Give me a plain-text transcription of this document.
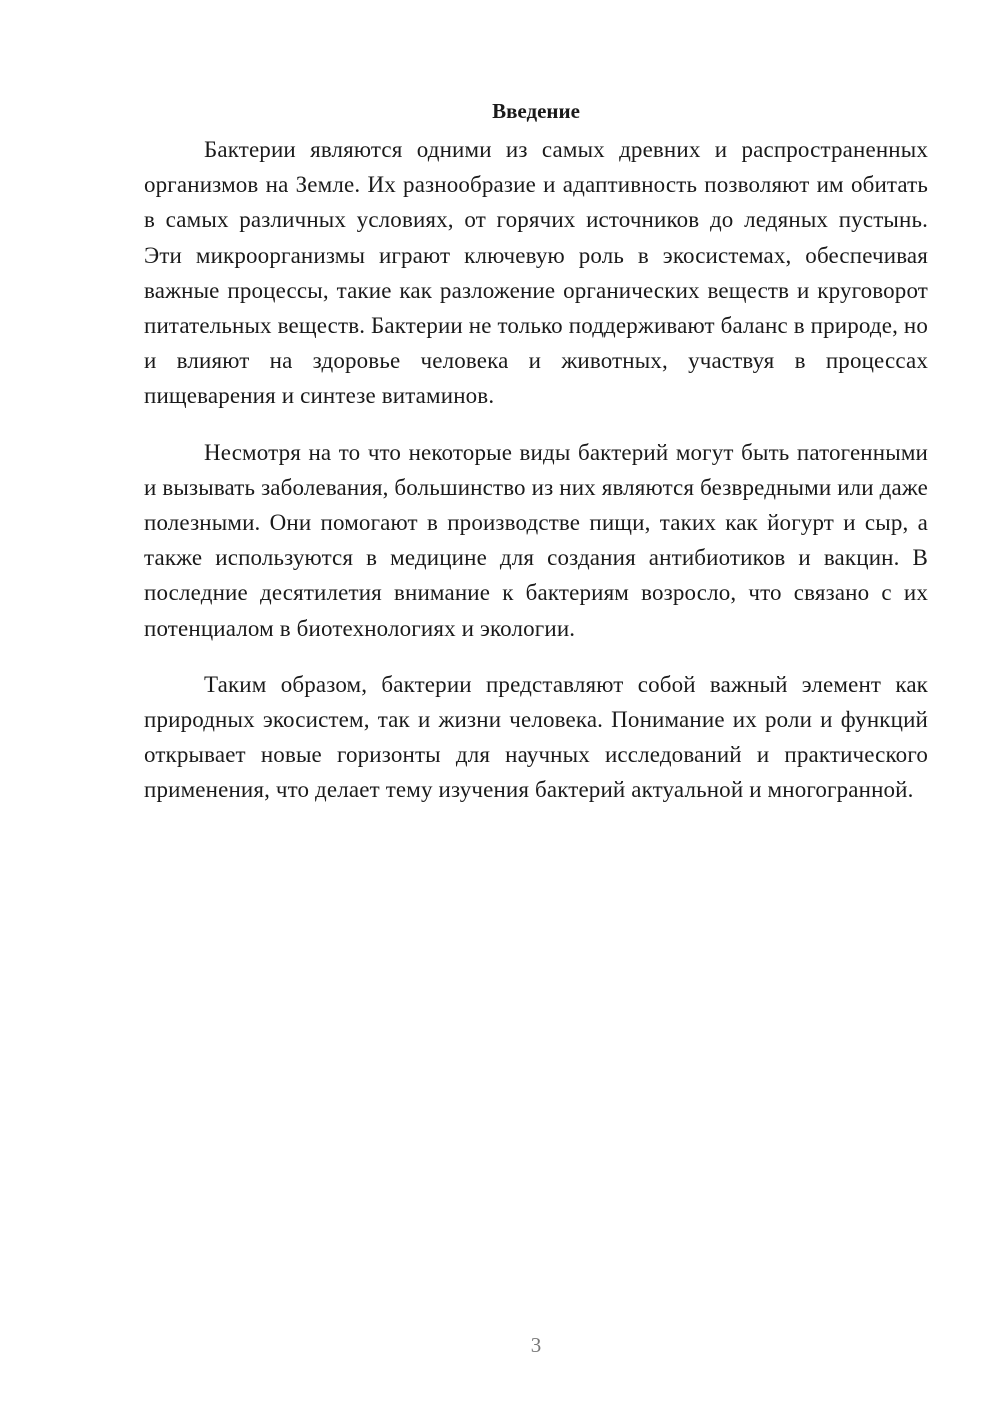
Введение

Бактерии являются одними из самых древних и распространенных организмов на Земле. Их разнообразие и адаптивность позволяют им обитать в самых различных условиях, от горячих источников до ледяных пустынь. Эти микроорганизмы играют ключевую роль в экосистемах, обеспечивая важные процессы, такие как разложение органических веществ и круговорот питательных веществ. Бактерии не только поддерживают баланс в природе, но и влияют на здоровье человека и животных, участвуя в процессах пищеварения и синтезе витаминов.

Несмотря на то что некоторые виды бактерий могут быть патогенными и вызывать заболевания, большинство из них являются безвредными или даже полезными. Они помогают в производстве пищи, таких как йогурт и сыр, а также используются в медицине для создания антибиотиков и вакцин. В последние десятилетия внимание к бактериям возросло, что связано с их потенциалом в биотехнологиях и экологии.

Таким образом, бактерии представляют собой важный элемент как природных экосистем, так и жизни человека. Понимание их роли и функций открывает новые горизонты для научных исследований и практического применения, что делает тему изучения бактерий актуальной и многогранной.

3
